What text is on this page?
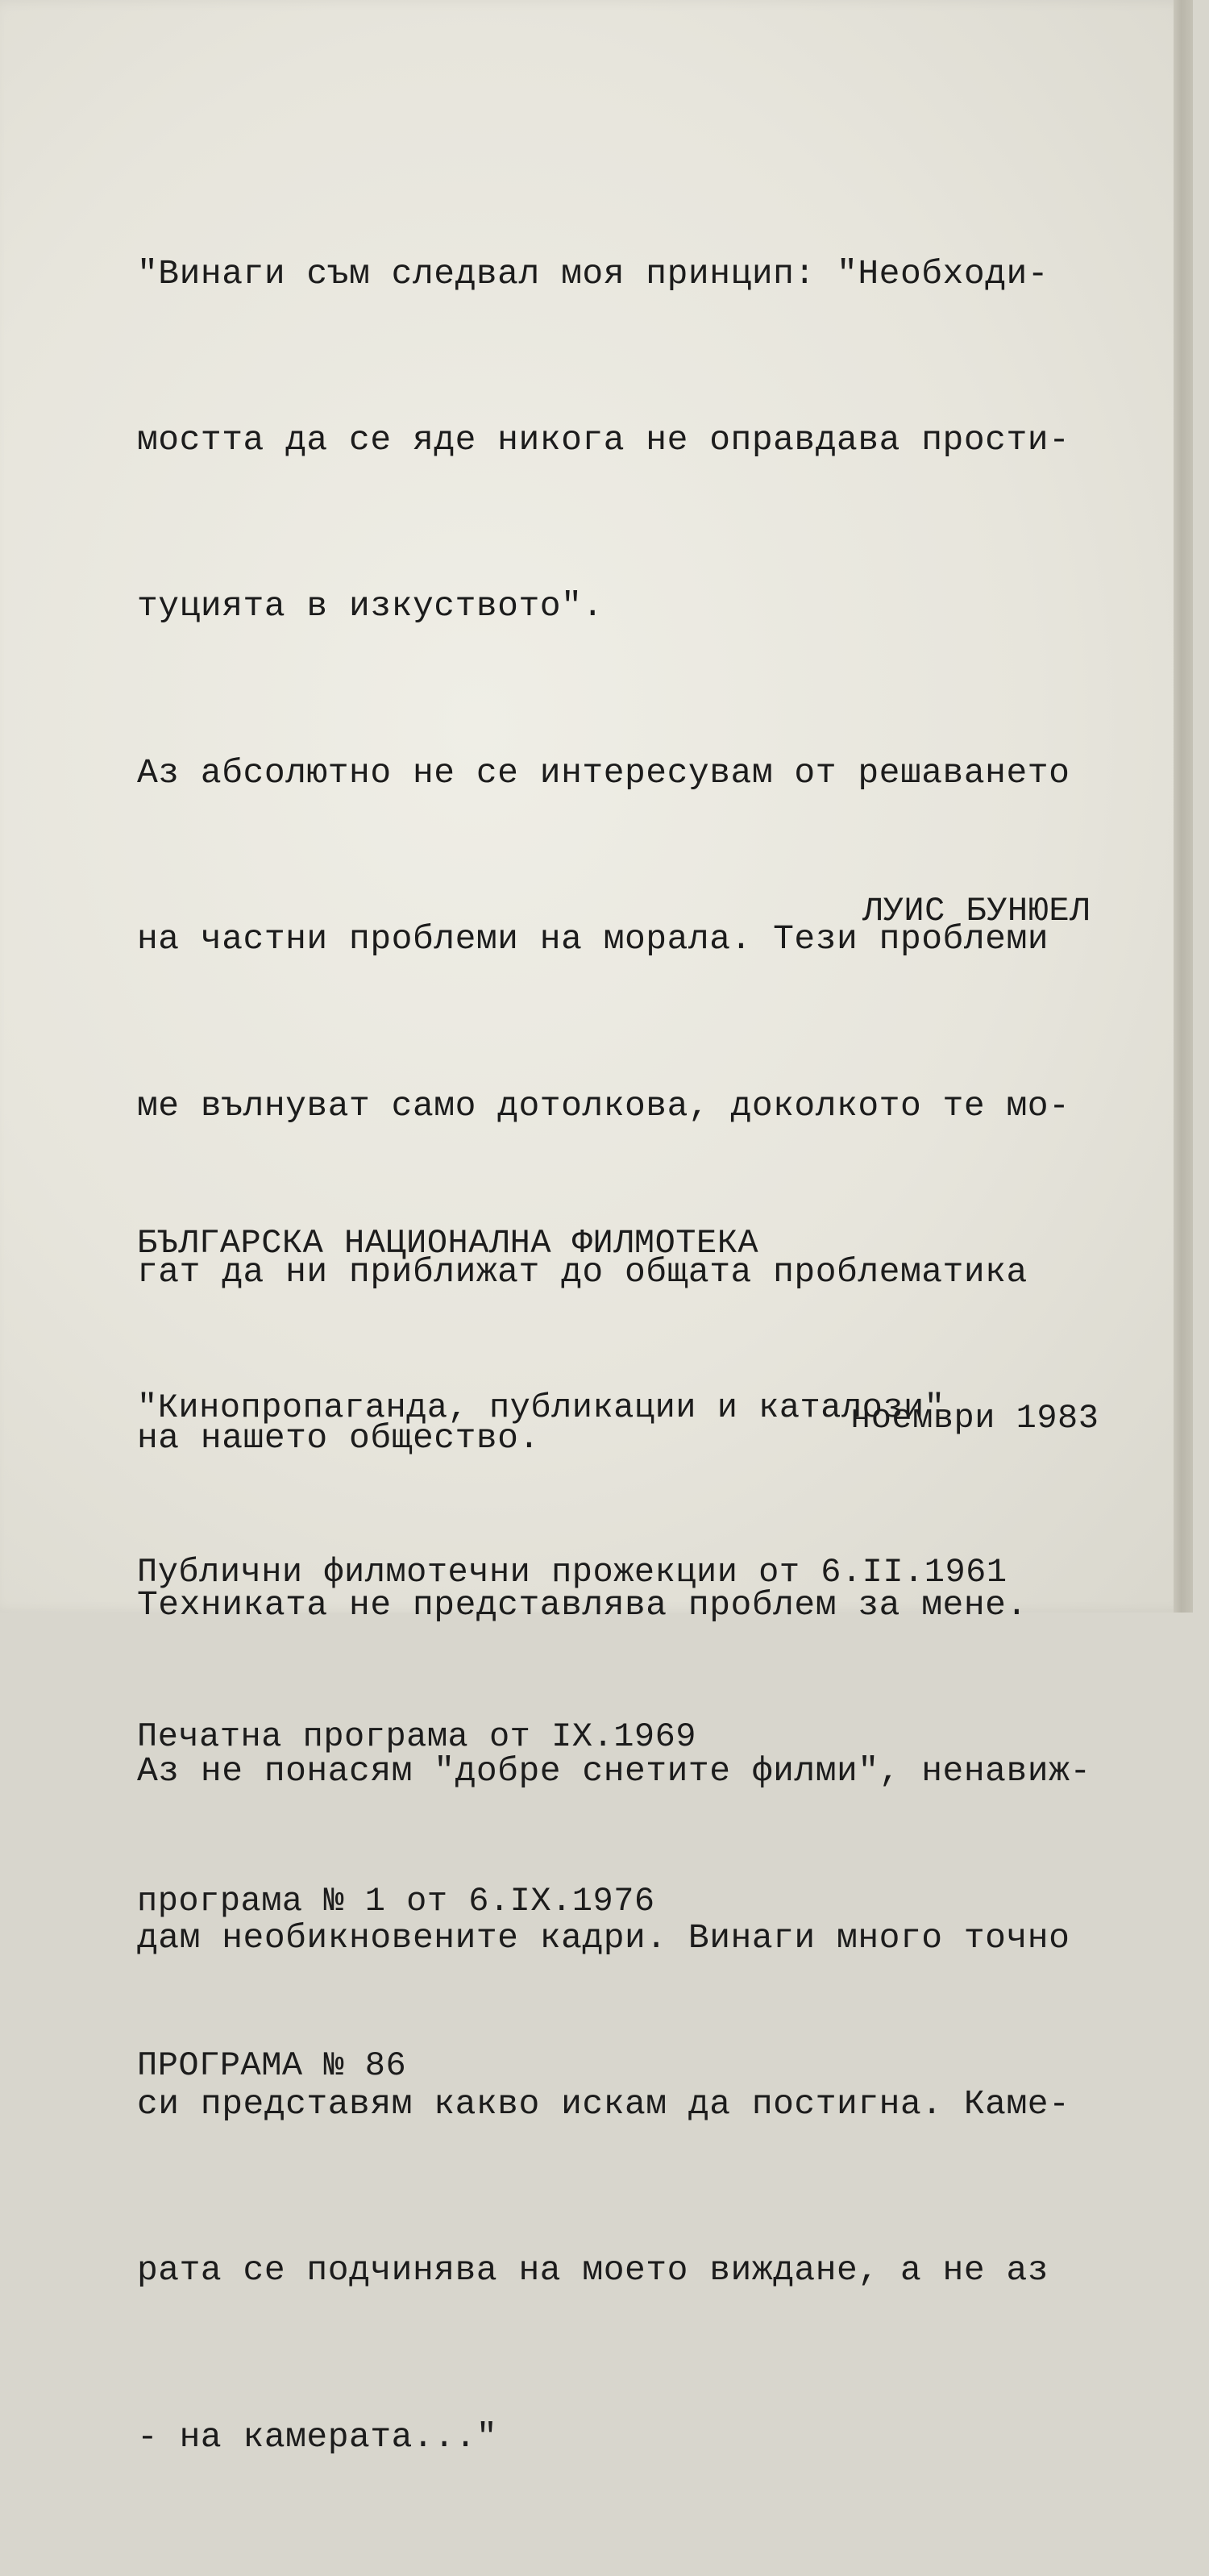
"Винаги съм следвал моя принцип: "Необходи-

мостта да се яде никога не оправдава прости-

туцията в изкуството".

Аз абсолютно не се интересувам от решаването

на частни проблеми на морала. Тези проблеми

ме вълнуват само дотолкова, доколкото те мо-

гат да ни приближат до общата проблематика

на нашето общество.

Техниката не представлява проблем за мене.

Аз не понасям "добре снетите филми", ненавиж-

дам необикновените кадри. Винаги много точно

си представям какво искам да постигна. Каме-

рата се подчинява на моето виждане, а не аз

- на камерата..."

ЛУИС БУНЮЕЛ

БЪЛГАРСКА НАЦИОНАЛНА ФИЛМОТЕКА

"Кинопропаганда, публикации и каталози"

Публични филмотечни прожекции от 6.II.1961

Печатна програма от IX.1969

програма № 1 от 6.IX.1976

ПРОГРАМА № 86

ноември 1983
